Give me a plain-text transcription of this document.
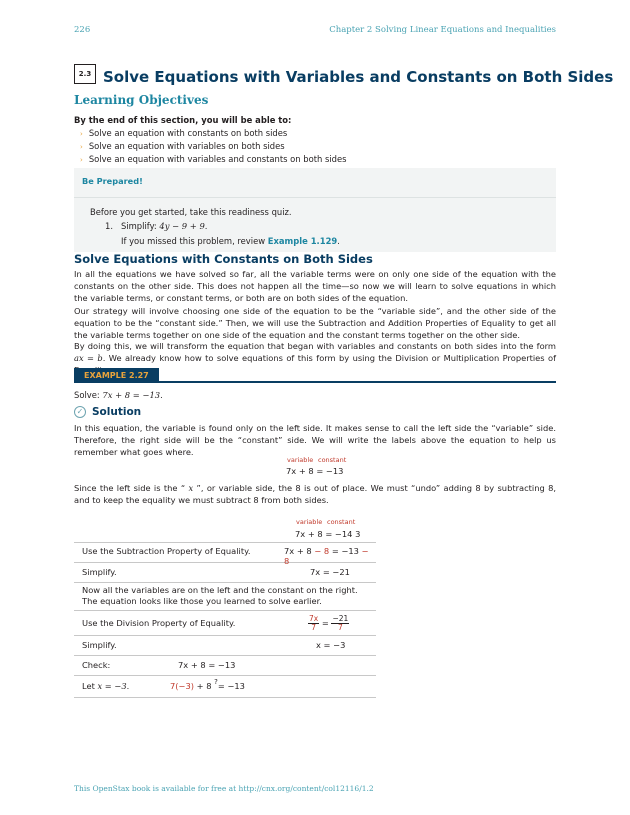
226	Chapter 2 Solving Linear Equations and Inequalities
2.3 Solve Equations with Variables and Constants on Both Sides
Learning Objectives
By the end of this section, you will be able to:
› Solve an equation with constants on both sides
› Solve an equation with variables on both sides
› Solve an equation with variables and constants on both sides
Be Prepared!
Before you get started, take this readiness quiz.
1. Simplify: 4y − 9 + 9.
If you missed this problem, review Example 1.129.
Solve Equations with Constants on Both Sides
In all the equations we have solved so far, all the variable terms were on only one side of the equation with the constants on the other side. This does not happen all the time—so now we will learn to solve equations in which the variable terms, or constant terms, or both are on both sides of the equation.
Our strategy will involve choosing one side of the equation to be the “variable side”, and the other side of the equation to be the “constant side.” Then, we will use the Subtraction and Addition Properties of Equality to get all the variable terms together on one side of the equation and the constant terms together on the other side.
By doing this, we will transform the equation that began with variables and constants on both sides into the form ax = b. We already know how to solve equations of this form by using the Division or Multiplication Properties of
EXAMPLE 2.27
Solve: 7x + 8 = −13.
✓ Solution
In this equation, the variable is found only on the left side. It makes sense to call the left side the “variable” side. Therefore, the right side will be the “constant” side. We will write the labels above the equation to help us remember what goes where.
variable constant
7x + 8 = −13
Since the left side is the “ x ”, or variable side, the 8 is out of place. We must “undo” adding 8 by subtracting 8, and to keep the equality we must subtract 8 from both sides.
variable constant
7x + 8 = −14 3
Use the Subtraction Property of Equality.	7x + 8 − 8 = −13 − 8
Simplify.	7x = −21
Now all the variables are on the left and the constant on the right. The equation looks like those you learned to solve earlier.
Use the Division Property of Equality.	$\frac{7x}{7} = \frac{-21}{7}$
Simplify.	x = −3
Check:	7x + 8 = −13
Let x = −3.	7(−3) + 8 ?= −13
This OpenStax book is available for free at http://cnx.org/content/col12116/1.2
